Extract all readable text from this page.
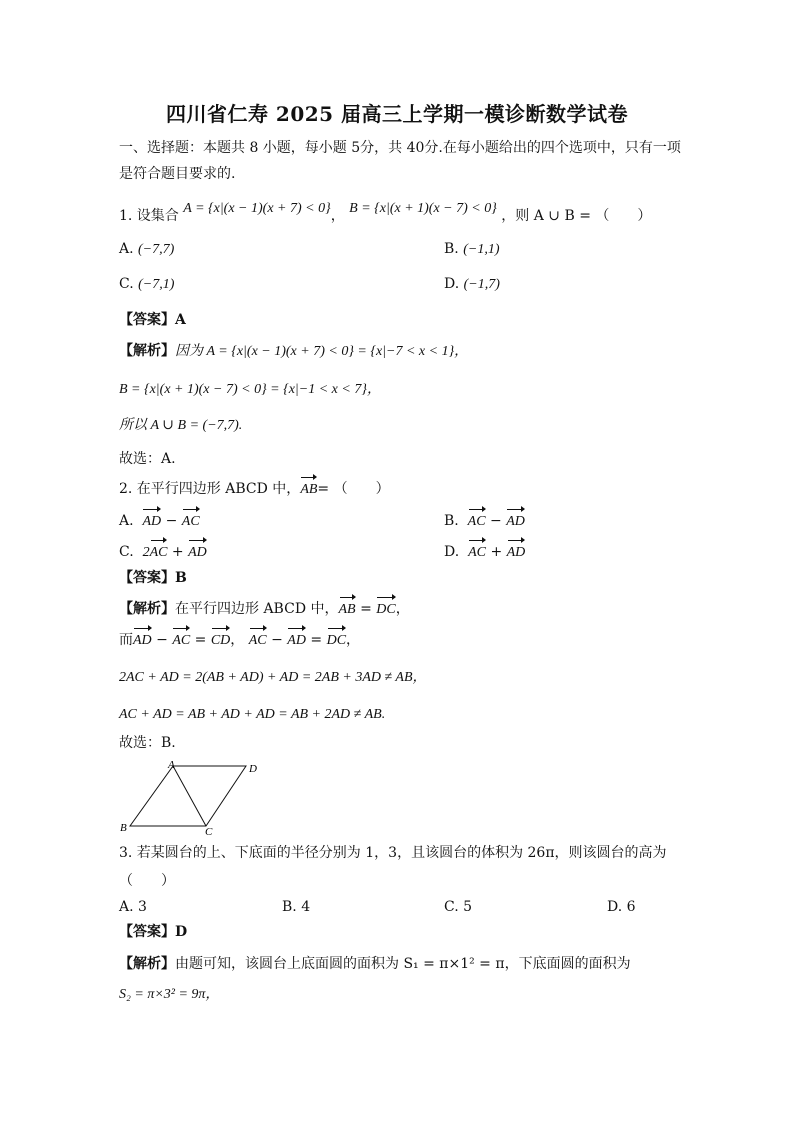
四川省仁寿 2025 届高三上学期一模诊断数学试卷
一、选择题：本题共 8 小题，每小题 5分，共 40分.在每小题给出的四个选项中，只有一项
是符合题目要求的.
1. 设集合 A = {x|(x − 1)(x + 7) < 0}， B = {x|(x + 1)(x − 7) < 0} ，则 A ∪ B = （　　）
A. (−7,7)	B. (−1,1)
C. (−7,1)	D. (−1,7)
【答案】A
【解析】因为 A = {x|(x − 1)(x + 7) < 0} = {x|−7 < x < 1}，
B = {x|(x + 1)(x − 7) < 0} = {x|−1 < x < 7}，
所以 A ∪ B = (−7,7).
故选：A.
2. 在平行四边形 ABCD 中，AB= （　　）
A. AD − AC	B. AC − AD
C. 2AC + AD	D. AC + AD
【答案】B
【解析】在平行四边形 ABCD 中，AB = DC，
而AD − AC = CD， AC − AD = DC，
2AC + AD = 2(AB + AD) + AD = 2AB + 3AD ≠ AB，
AC + AD = AB + AD + AD = AB + 2AD ≠ AB.
故选：B.
A	D
B	C
3. 若某圆台的上、下底面的半径分别为 1，3，且该圆台的体积为 26π，则该圆台的高为
（　　）
A. 3	B. 4	C. 5	D. 6
【答案】D
【解析】由题可知，该圆台上底面圆的面积为 S₁ = π×1² = π，下底面圆的面积为
S₂ = π×3² = 9π，
